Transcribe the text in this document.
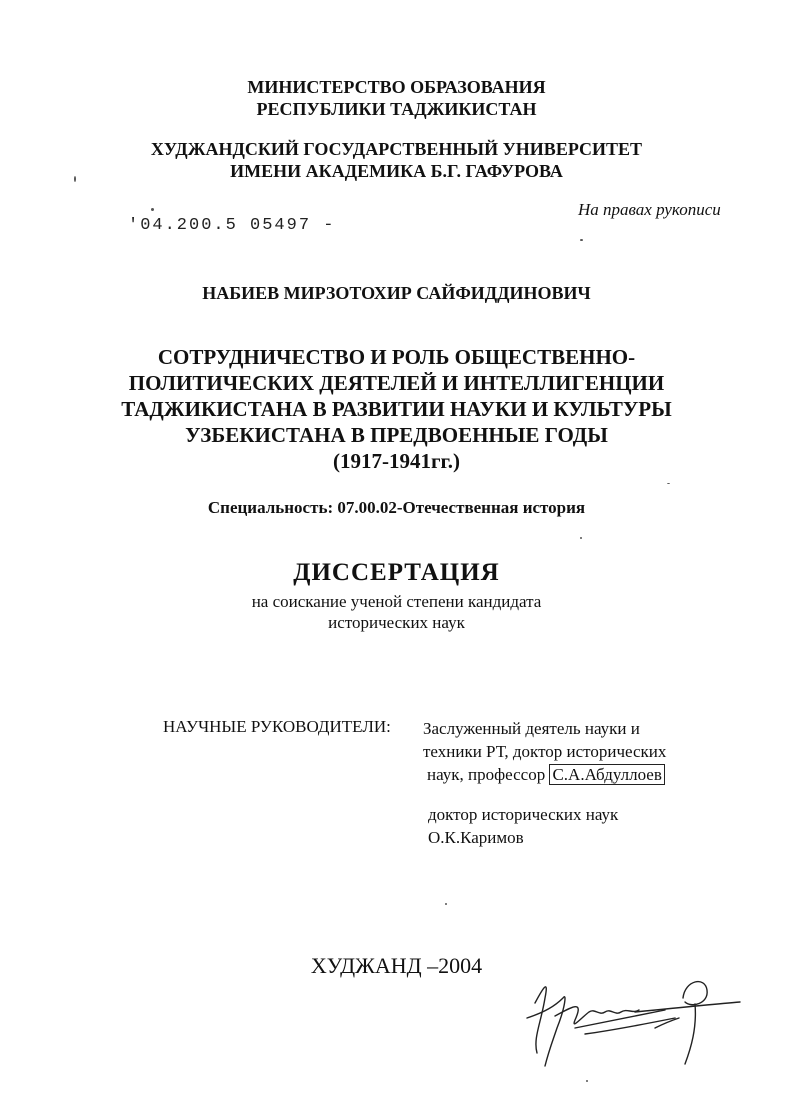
МИНИСТЕРСТВО ОБРАЗОВАНИЯ
РЕСПУБЛИКИ ТАДЖИКИСТАН
ХУДЖАНДСКИЙ ГОСУДАРСТВЕННЫЙ УНИВЕРСИТЕТ
ИМЕНИ АКАДЕМИКА Б.Г. ГАФУРОВА
'04.200.5 05497 -
На правах рукописи
НАБИЕВ МИРЗОТОХИР САЙФИДДИНОВИЧ
СОТРУДНИЧЕСТВО И РОЛЬ ОБЩЕСТВЕННО-
ПОЛИТИЧЕСКИХ ДЕЯТЕЛЕЙ И ИНТЕЛЛИГЕНЦИИ
ТАДЖИКИСТАНА В РАЗВИТИИ НАУКИ И КУЛЬТУРЫ
УЗБЕКИСТАНА В ПРЕДВОЕННЫЕ ГОДЫ
(1917-1941гг.)
Специальность: 07.00.02-Отечественная история
ДИССЕРТАЦИЯ
на соискание ученой степени кандидата
исторических наук
НАУЧНЫЕ РУКОВОДИТЕЛИ: Заслуженный деятель науки и
техники РТ, доктор исторических
наук, профессор С.А.Абдуллоев
доктор исторических наук
О.К.Каримов
ХУДЖАНД –2004
